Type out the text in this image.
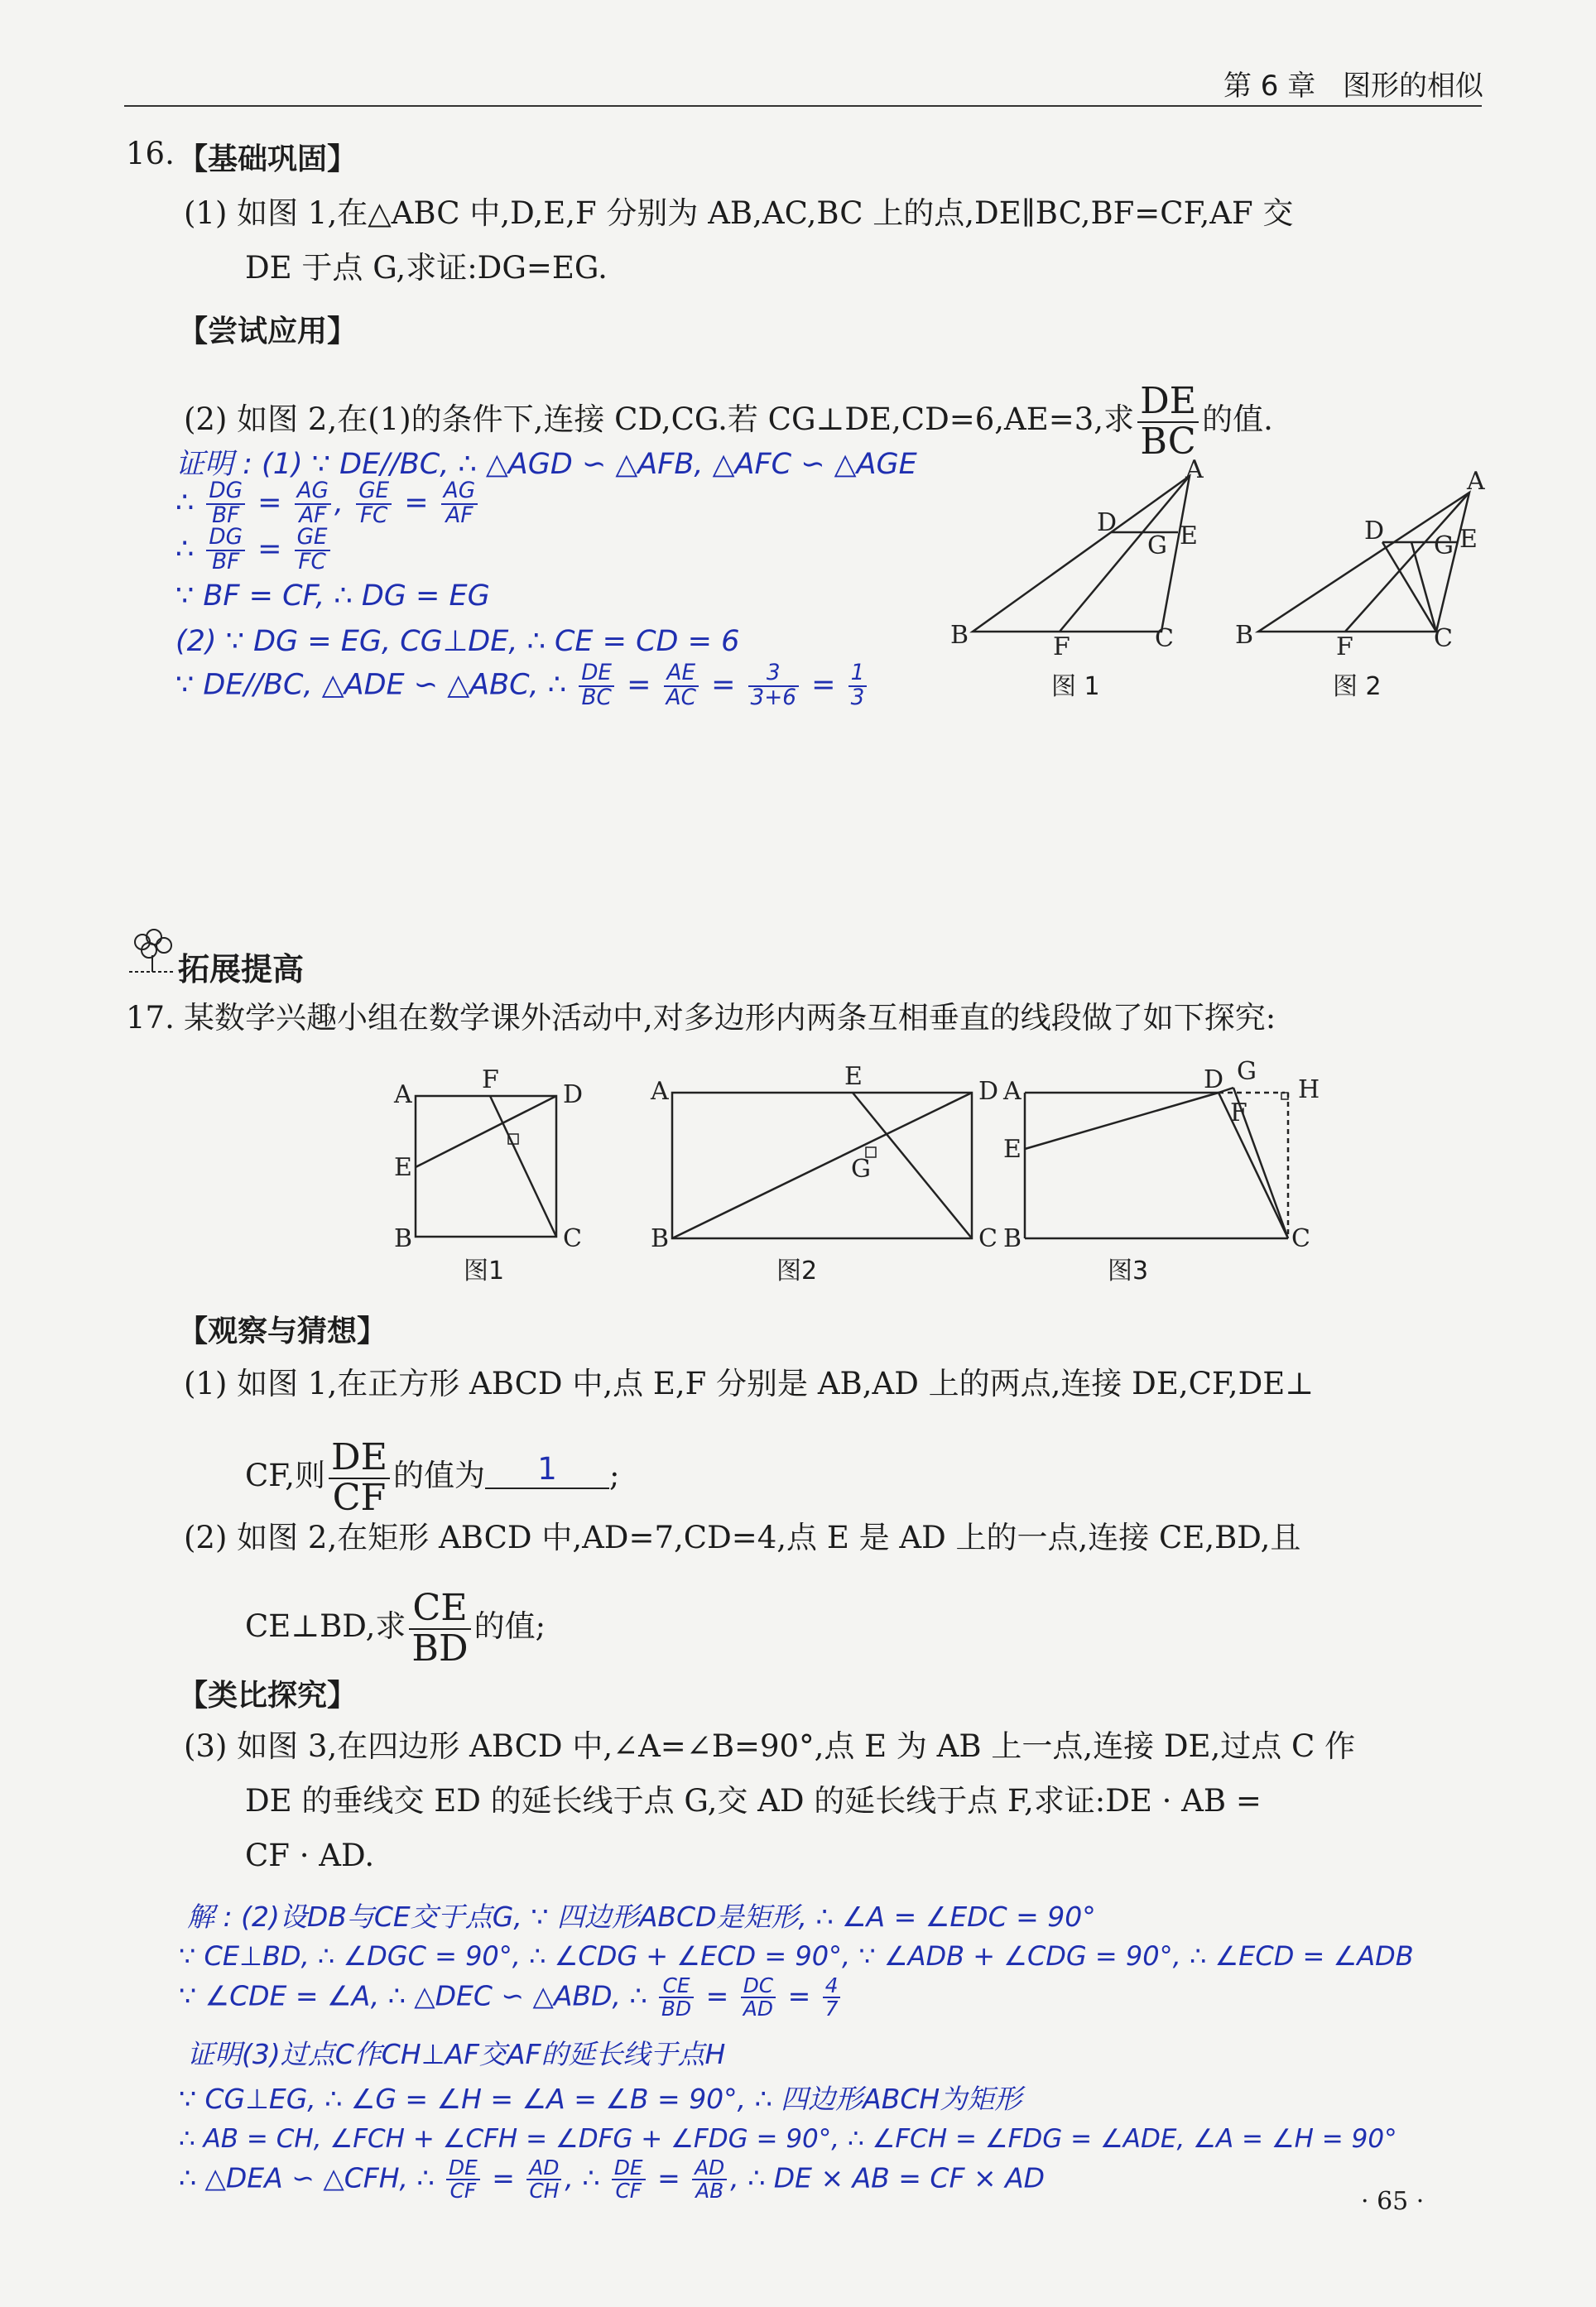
第 6 章 图形的相似
16. 【基础巩固】
(1) 如图 1,在△ABC 中,D,E,F 分别为 AB,AC,BC 上的点,DE∥BC,BF=CF,AF 交
DE 于点 G,求证:DG=EG.
【尝试应用】
(2) 如图 2,在(1)的条件下,连接 CD,CG.若 CG⊥DE,CD=6,AE=3,求 $\frac{DE}{BC}$ 的值.
证明 : (1) ∵ DE//BC, ∴ △AGD ∽ △AFB, △AFC ∽ △AGE
∴ $\frac{DG}{BF} = \frac{AG}{AF}$ , $\frac{GE}{FC} = \frac{AG}{AF}$
∴ $\frac{DG}{BF} = \frac{GE}{FC}$
∵ BF = CF, ∴ DG = EG
(2) ∵ DG = EG, CG⊥DE, ∴ CE = CD = 6
∵ DE//BC, △ADE ∽ △ABC, ∴ $\frac{DE}{BC} = \frac{AE}{AC} = \frac{3}{3+6} = \frac{1}{3}$
A
B	C
D	E
F
G
A
B	C
D	E
F
G
图 1	图 2
拓展提高
17. 某数学兴趣小组在数学课外活动中,对多边形内两条互相垂直的线段做了如下探究:
A	D
B	C
E
F	A	D
B	C
E
G
A
E
B	C
D G
F
H
图1	图2	图3
【观察与猜想】
(1) 如图 1,在正方形 ABCD 中,点 E,F 分别是 AB,AD 上的两点,连接 DE,CF,DE⊥
CF,则 $\frac{DE}{CF}$ 的值为 1 ;
(2) 如图 2,在矩形 ABCD 中,AD=7,CD=4,点 E 是 AD 上的一点,连接 CE,BD,且
CE⊥BD,求 $\frac{CE}{BD}$ 的值;
【类比探究】
(3) 如图 3,在四边形 ABCD 中,∠A=∠B=90°,点 E 为 AB 上一点,连接 DE,过点 C 作
DE 的垂线交 ED 的延长线于点 G,交 AD 的延长线于点 F,求证:DE · AB =
CF · AD.
解 : (2)设DB与CE交于点G, ∵ 四边形ABCD是矩形, ∴ ∠A = ∠EDC = 90°
∵ CE⊥BD, ∴ ∠DGC = 90°, ∴ ∠CDG + ∠ECD = 90°, ∵ ∠ADB + ∠CDG = 90°, ∴ ∠ECD = ∠ADB
∵ ∠CDE = ∠A, ∴ △DEC ∽ △ABD, ∴ $\frac{CE}{BD} = \frac{DC}{AD} = \frac{4}{7}$
证明(3)过点C作CH⊥AF交AF的延长线于点H
∵ CG⊥EG, ∴ ∠G = ∠H = ∠A = ∠B = 90°, ∴ 四边形ABCH为矩形
∴ AB = CH, ∠FCH + ∠CFH = ∠DFG + ∠FDG = 90°, ∴ ∠FCH = ∠FDG = ∠ADE, ∠A = ∠H = 90°
∴ △DEA ∽ △CFH, ∴ $\frac{DE}{CF} = \frac{AD}{CH}$ , ∴ $\frac{DE}{CF} = \frac{AD}{AB}$ , ∴ DE × AB = CF × AD
· 65 ·
